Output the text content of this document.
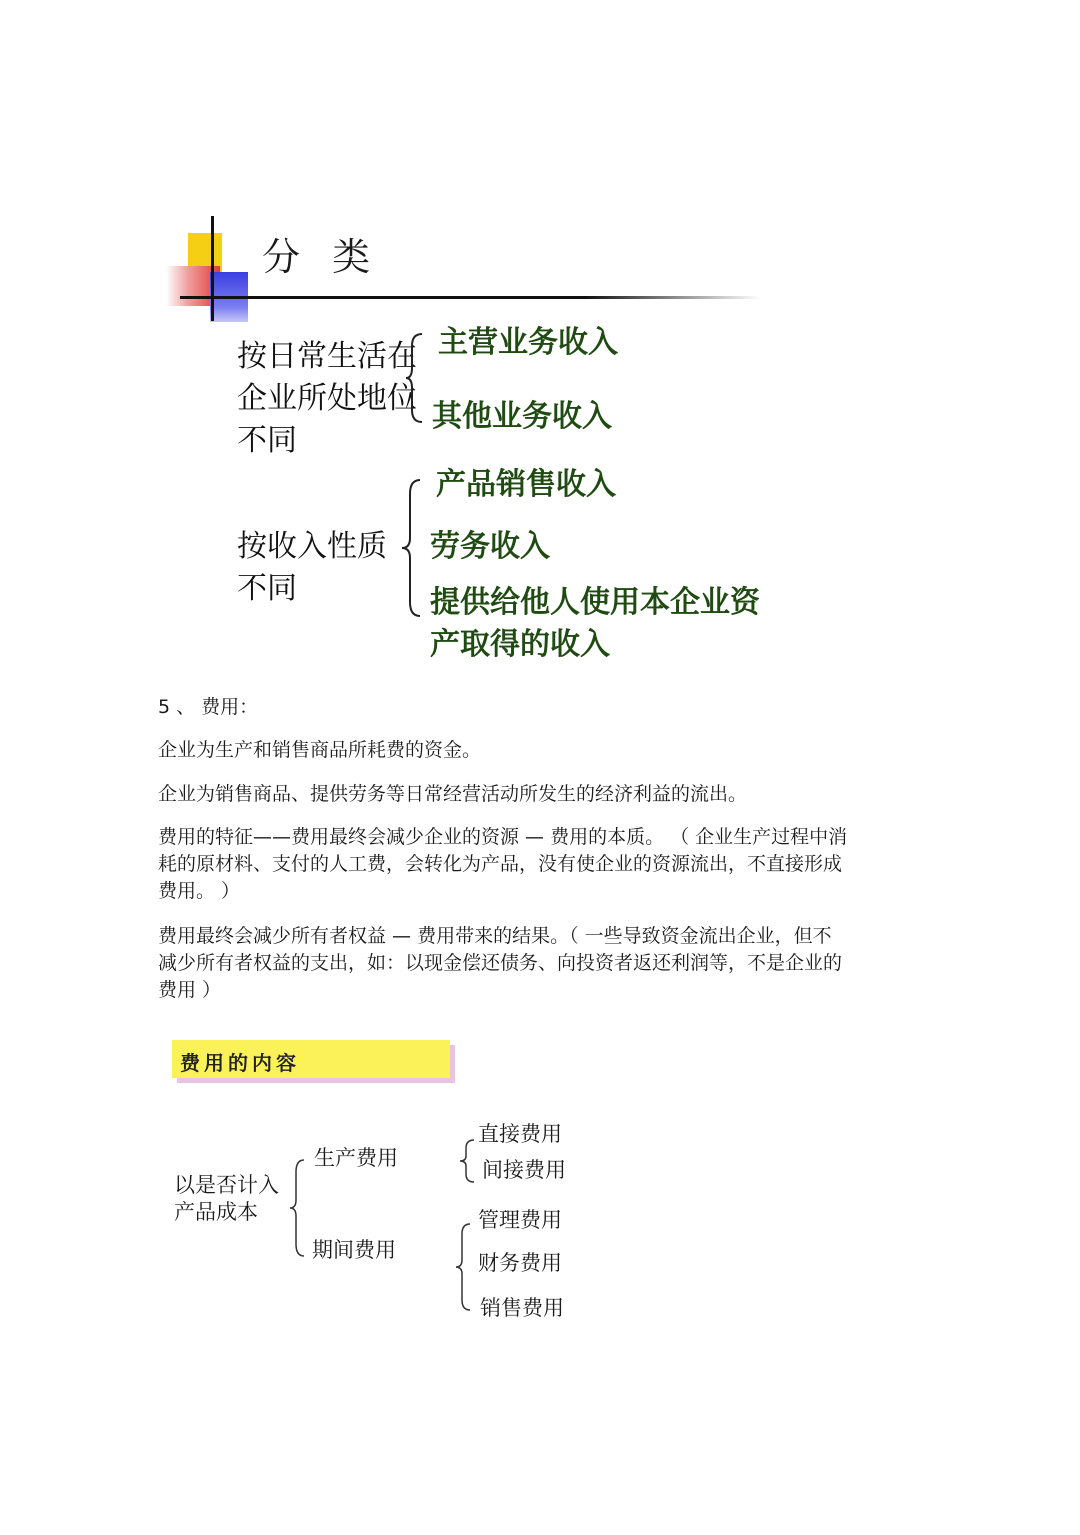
分 类
按日常生活在
企业所处地位
不同
主营业务收入
其他业务收入
按收入性质
不同
产品销售收入
劳务收入
提供给他人使用本企业资
产取得的收入
5 、 费用：
企业为生产和销售商品所耗费的资金。
企业为销售商品、提供劳务等日常经营活动所发生的经济利益的流出。
费用的特征——费用最终会减少企业的资源 — 费用的本质。 （ 企业生产过程中消
耗的原材料、支付的人工费，会转化为产品，没有使企业的资源流出，不直接形成
费用。 ）
费用最终会减少所有者权益 — 费用带来的结果。（ 一些导致资金流出企业，但不
减少所有者权益的支出，如：以现金偿还债务、向投资者返还利润等，不是企业的
费用 ）
费用的内容
以是否计入
产品成本
生产费用
期间费用
直接费用
间接费用
管理费用
财务费用
销售费用
